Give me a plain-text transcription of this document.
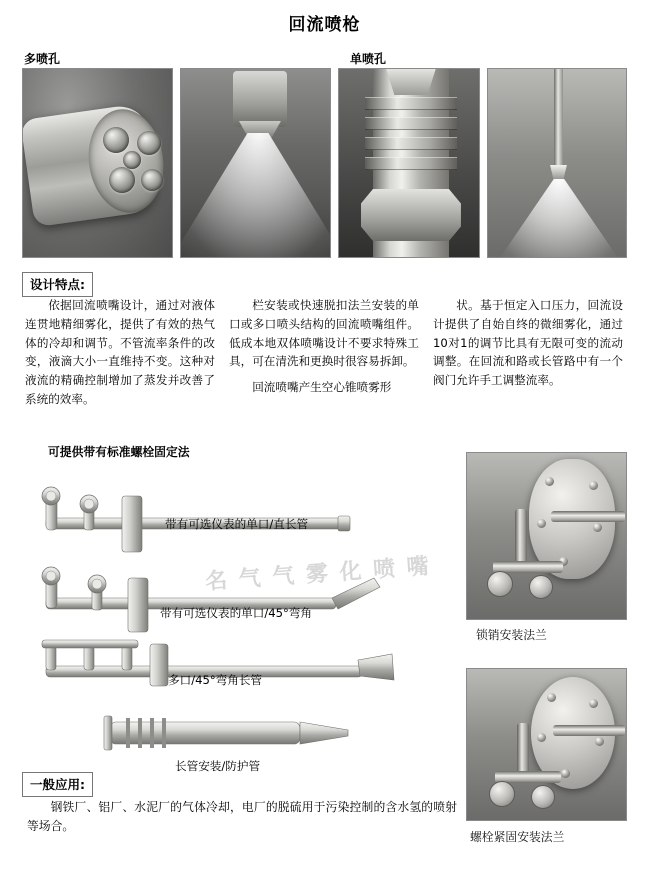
回流喷枪
多喷孔	单喷孔
设计特点:

依据回流喷嘴设计，通过对液体连贯地精细雾化，提供了有效的热气体的冷却和调节。不管流率条件的改变，液滴大小一直维持不变。这种对液流的精确控制增加了蒸发并改善了系统的效率。

栏安装或快速脱扣法兰安装的单口或多口喷头结构的回流喷嘴组件。低成本地双体喷嘴设计不要求特殊工具，可在清洗和更换时很容易拆卸。

回流喷嘴产生空心锥喷雾形

状。基于恒定入口压力，回流设计提供了自始自终的微细雾化，通过10对1的调节比具有无限可变的流动调整。在回流和路或长管路中有一个阀门允许手工调整流率。

可提供带有标准螺栓固定法
带有可选仪表的单口/直长管
带有可选仪表的单口/45°弯角
多口/45°弯角长管
长管安装/防护管
名 气 气 雾 化 喷 嘴
锁销安装法兰
螺栓紧固安装法兰
一般应用:
钢铁厂、铝厂、水泥厂的气体冷却，电厂的脱硫用于污染控制的含水氢的喷射等场合。
